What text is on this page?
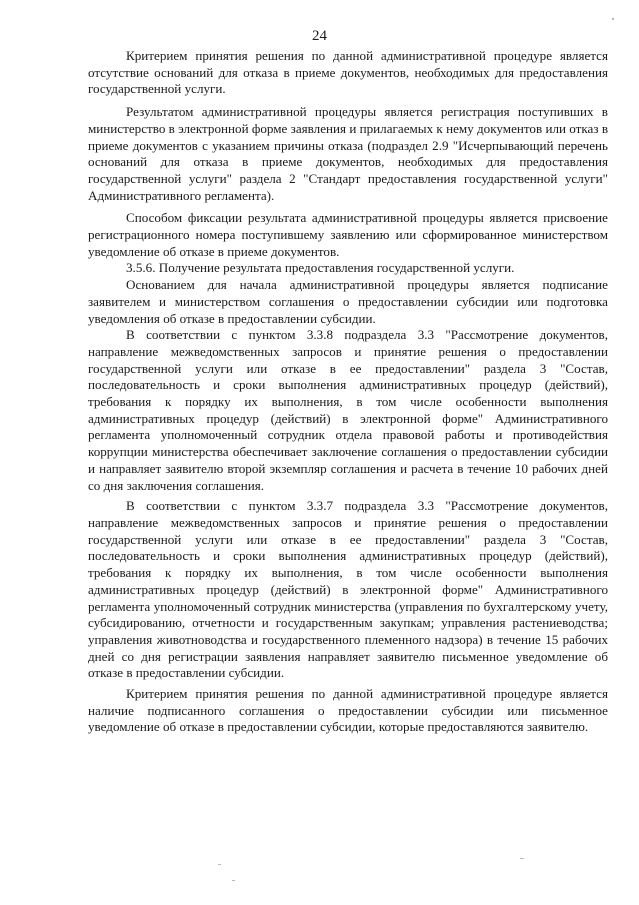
24

Критерием принятия решения по данной административной процедуре является отсутствие оснований для отказа в приеме документов, необходимых для предоставления государственной услуги.

Результатом административной процедуры является регистрация поступивших в министерство в электронной форме заявления и прилагаемых к нему документов или отказ в приеме документов с указанием причины отказа (подраздел 2.9 "Исчерпывающий перечень оснований для отказа в приеме документов, необходимых для предоставления государственной услуги" раздела 2 "Стандарт предоставления государственной услуги" Административного регламента).

Способом фиксации результата административной процедуры является присвоение регистрационного номера поступившему заявлению или сформированное министерством уведомление об отказе в приеме документов.

3.5.6. Получение результата предоставления государственной услуги.

Основанием для начала административной процедуры является подписание заявителем и министерством соглашения о предоставлении субсидии или подготовка уведомления об отказе в предоставлении субсидии.

В соответствии с пунктом 3.3.8 подраздела 3.3 "Рассмотрение документов, направление межведомственных запросов и принятие решения о предоставлении государственной услуги или отказе в ее предоставлении" раздела 3 "Состав, последовательность и сроки выполнения административных процедур (действий), требования к порядку их выполнения, в том числе особенности выполнения административных процедур (действий) в электронной форме" Административного регламента уполномоченный сотрудник отдела правовой работы и противодействия коррупции министерства обеспечивает заключение соглашения о предоставлении субсидии и направляет заявителю второй экземпляр соглашения и расчета в течение 10 рабочих дней со дня заключения соглашения.

В соответствии с пунктом 3.3.7 подраздела 3.3 "Рассмотрение документов, направление межведомственных запросов и принятие решения о предоставлении государственной услуги или отказе в ее предоставлении" раздела 3 "Состав, последовательность и сроки выполнения административных процедур (действий), требования к порядку их выполнения, в том числе особенности выполнения административных процедур (действий) в электронной форме" Административного регламента уполномоченный сотрудник министерства (управления по бухгалтерскому учету, субсидированию, отчетности и государственным закупкам; управления растениеводства; управления животноводства и государственного племенного надзора) в течение 15 рабочих дней со дня регистрации заявления направляет заявителю письменное уведомление об отказе в предоставлении субсидии.

Критерием принятия решения по данной административной процедуре является наличие подписанного соглашения о предоставлении субсидии или письменное уведомление об отказе в предоставлении субсидии, которые предоставляются заявителю.
